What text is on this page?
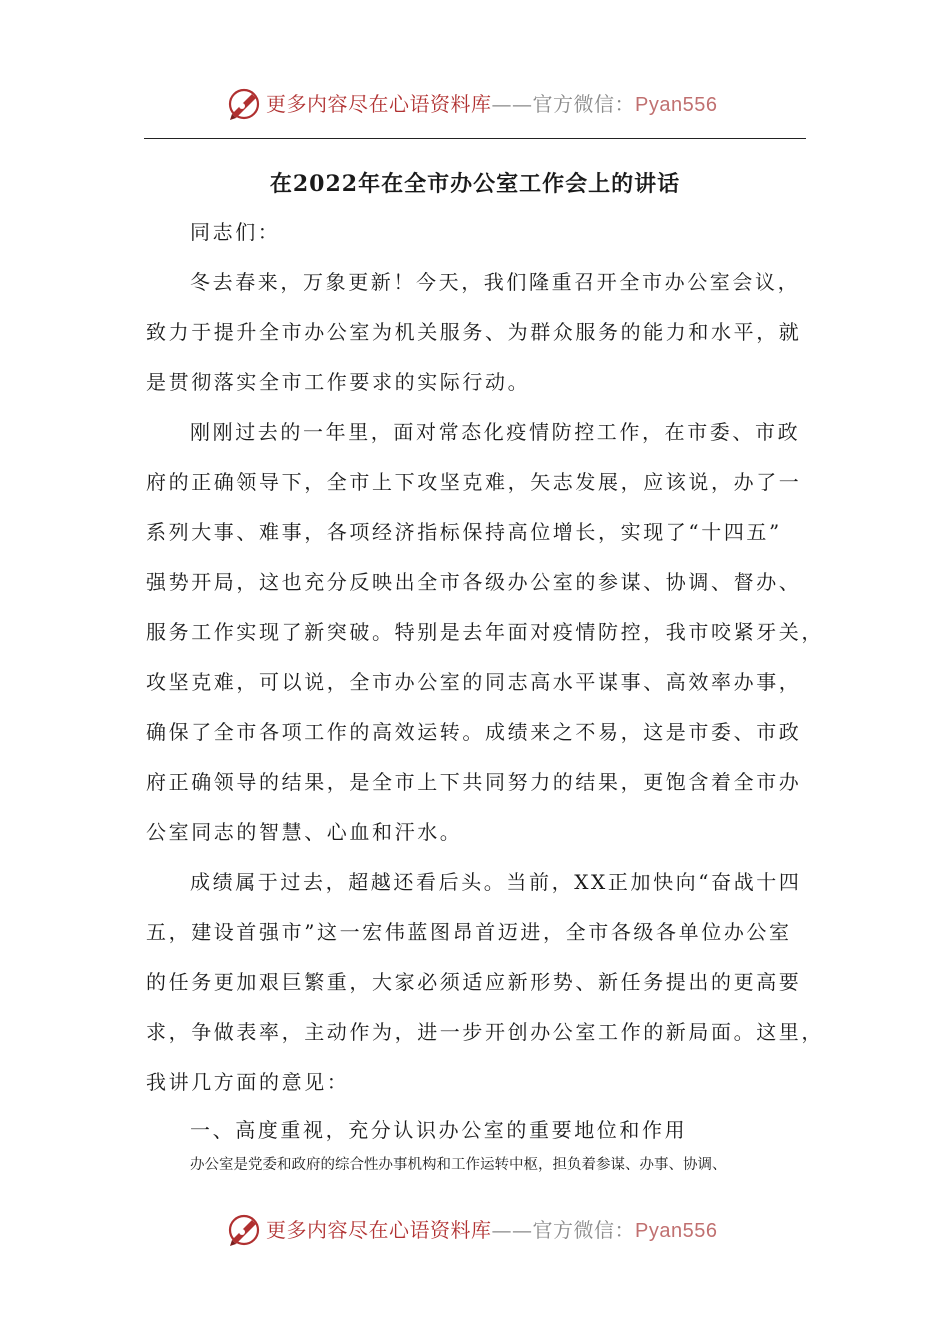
更多内容尽在心语资料库——官方微信：Pyan556
在2022年在全市办公室工作会上的讲话
同志们：
冬去春来，万象更新！今天，我们隆重召开全市办公室会议，
致力于提升全市办公室为机关服务、为群众服务的能力和水平，就
是贯彻落实全市工作要求的实际行动。
刚刚过去的一年里，面对常态化疫情防控工作，在市委、市政
府的正确领导下，全市上下攻坚克难，矢志发展，应该说，办了一
系列大事、难事，各项经济指标保持高位增长，实现了“十四五”
强势开局，这也充分反映出全市各级办公室的参谋、协调、督办、
服务工作实现了新突破。特别是去年面对疫情防控，我市咬紧牙关，
攻坚克难，可以说，全市办公室的同志高水平谋事、高效率办事，
确保了全市各项工作的高效运转。成绩来之不易，这是市委、市政
府正确领导的结果，是全市上下共同努力的结果，更饱含着全市办
公室同志的智慧、心血和汗水。
成绩属于过去，超越还看后头。当前，XX正加快向“奋战十四
五，建设首强市”这一宏伟蓝图昂首迈进，全市各级各单位办公室
的任务更加艰巨繁重，大家必须适应新形势、新任务提出的更高要
求，争做表率，主动作为，进一步开创办公室工作的新局面。这里，
我讲几方面的意见：
一、高度重视，充分认识办公室的重要地位和作用
办公室是党委和政府的综合性办事机构和工作运转中枢，担负着参谋、办事、协调、
更多内容尽在心语资料库——官方微信：Pyan556
